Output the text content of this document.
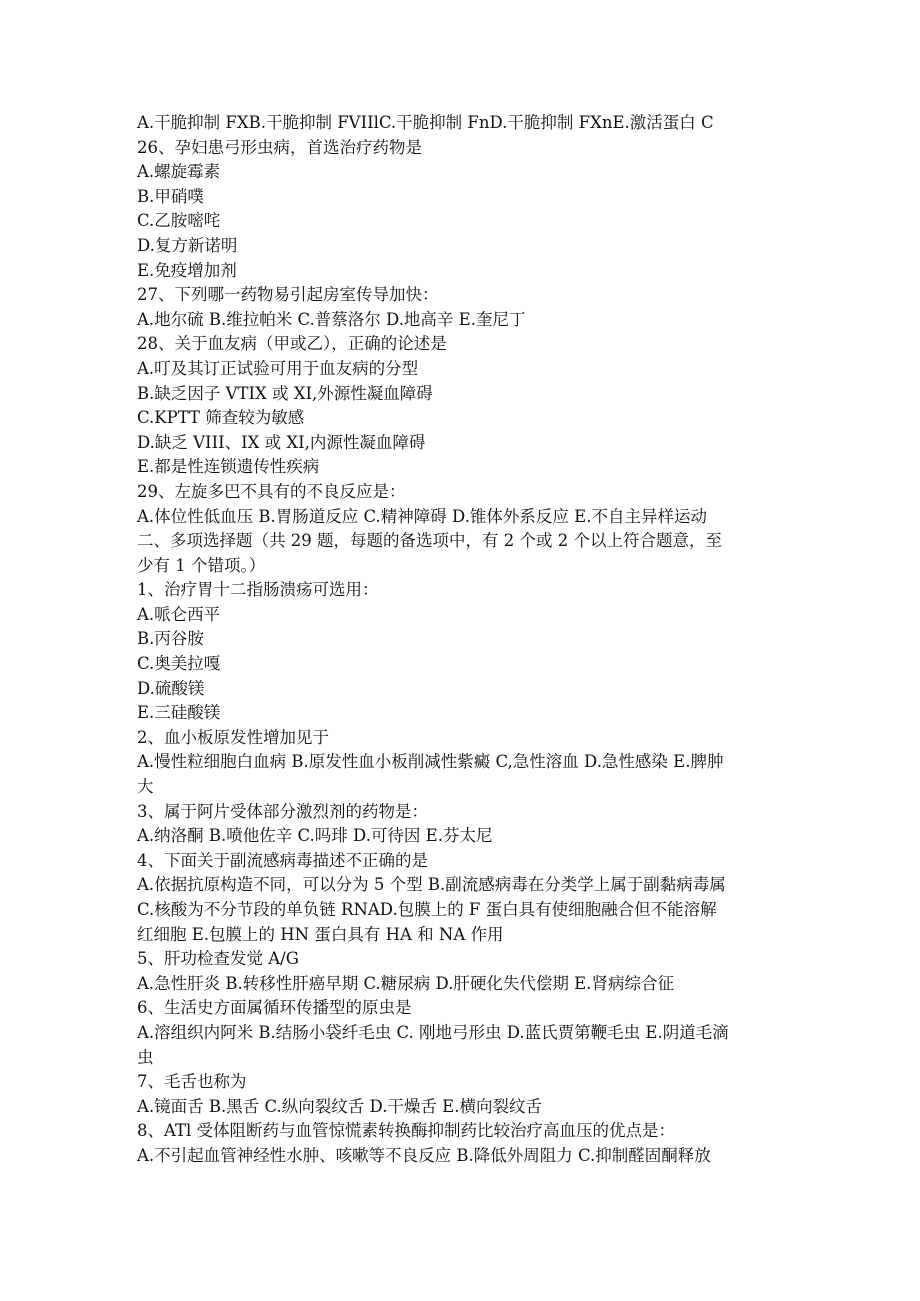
A.干脆抑制 FXB.干脆抑制 FVIIlC.干脆抑制 FnD.干脆抑制 FXnE.激活蛋白 C
26、孕妇患弓形虫病，首选治疗药物是
A.螺旋霉素
B.甲硝噗
C.乙胺嘧咤
D.复方新诺明
E.免疫增加剂
27、下列哪一药物易引起房室传导加快：
A.地尔硫 B.维拉帕米 C.普蔡洛尔 D.地高辛 E.奎尼丁
28、关于血友病（甲或乙），正确的论述是
A.叮及其订正试验可用于血友病的分型
B.缺乏因子 VTIX 或 XI,外源性凝血障碍
C.KPTT 筛查较为敏感
D.缺乏 VIII、IX 或 XI,内源性凝血障碍
E.都是性连锁遗传性疾病
29、左旋多巴不具有的不良反应是：
A.体位性低血压 B.胃肠道反应 C.精神障碍 D.锥体外系反应 E.不自主异样运动
二、多项选择题（共 29 题，每题的备选项中，有 2 个或 2 个以上符合题意，至
少有 1 个错项。）
1、治疗胃十二指肠溃疡可选用：
A.哌仑西平
B.丙谷胺
C.奥美拉嘎
D.硫酸镁
E.三硅酸镁
2、血小板原发性增加见于
A.慢性粒细胞白血病 B.原发性血小板削减性紫癜 C,急性溶血 D.急性感染 E.脾肿
大
3、属于阿片受体部分激烈剂的药物是：
A.纳洛酮 B.喷他佐辛 C.吗琲 D.可待因 E.芬太尼
4、下面关于副流感病毒描述不正确的是
A.依据抗原构造不同，可以分为 5 个型 B.副流感病毒在分类学上属于副黏病毒属
C.核酸为不分节段的单负链 RNAD.包膜上的 F 蛋白具有使细胞融合但不能溶解
红细胞 E.包膜上的 HN 蛋白具有 HA 和 NA 作用
5、肝功检查发觉 A/G
A.急性肝炎 B.转移性肝癌早期 C.糖尿病 D.肝硬化失代偿期 E.肾病综合征
6、生活史方面属循环传播型的原虫是
A.溶组织内阿米 B.结肠小袋纤毛虫 C. 刚地弓形虫 D.蓝氏贾第鞭毛虫 E.阴道毛滴
虫
7、毛舌也称为
A.镜面舌 B.黑舌 C.纵向裂纹舌 D.干燥舌 E.横向裂纹舌
8、ATl 受体阻断药与血管惊慌素转换酶抑制药比较治疗高血压的优点是：
A.不引起血管神经性水肿、咳嗽等不良反应 B.降低外周阻力 C.抑制醛固酮释放
